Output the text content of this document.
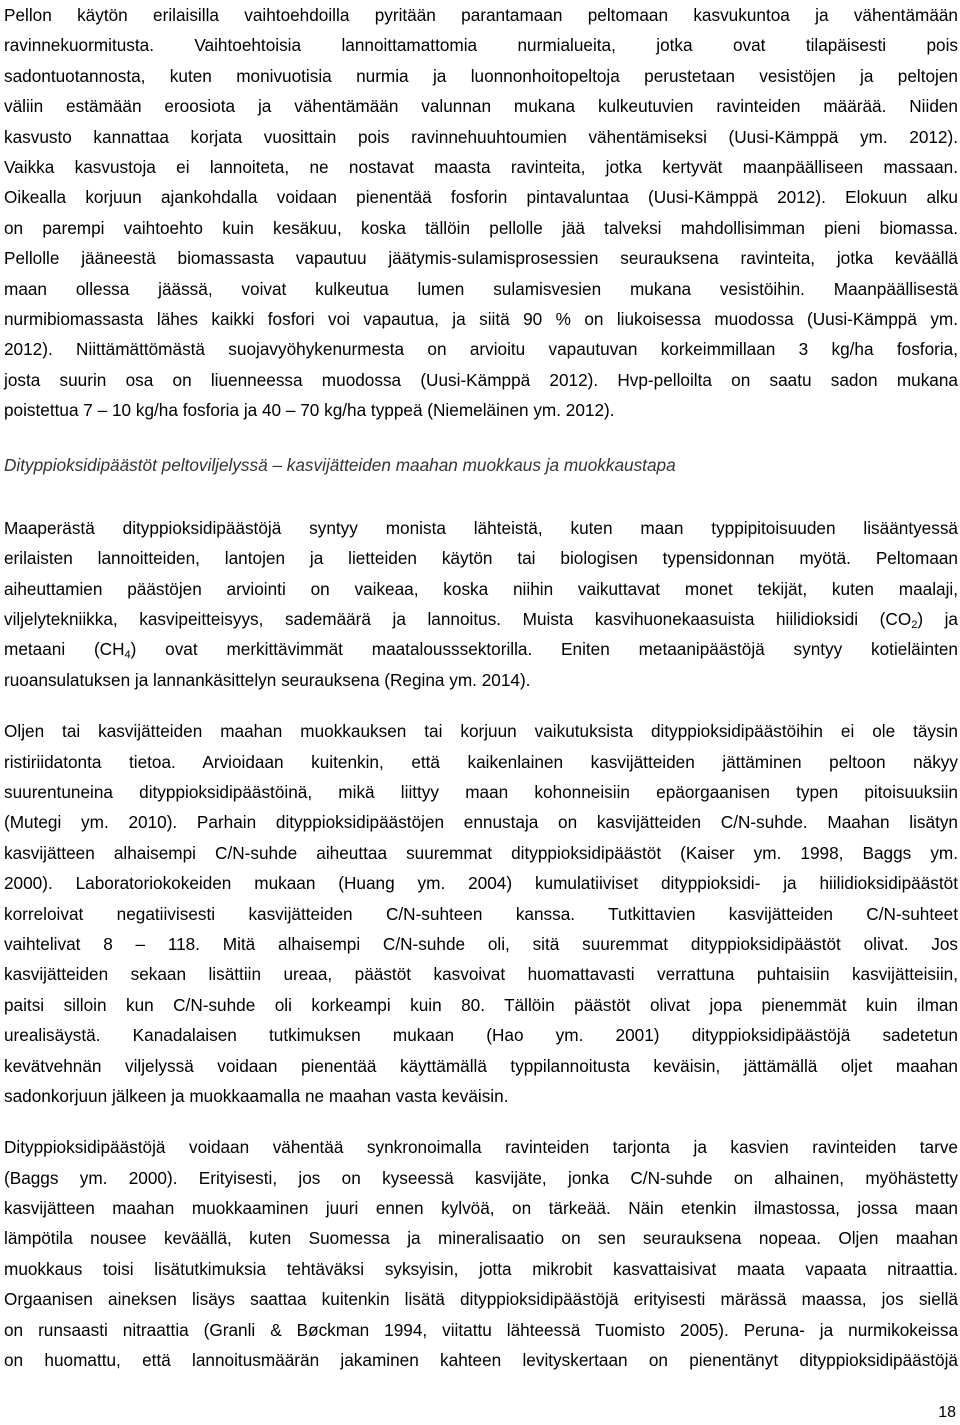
Pellon käytön erilaisilla vaihtoehdoilla pyritään parantamaan peltomaan kasvukuntoa ja vähentämään
ravinnekuormitusta. Vaihtoehtoisia lannoittamattomia nurmialueita, jotka ovat tilapäisesti pois
sadontuotannosta, kuten monivuotisia nurmia ja luonnonhoitopeltoja perustetaan vesistöjen ja peltojen
väliin estämään eroosiota ja vähentämään valunnan mukana kulkeutuvien ravinteiden määrää. Niiden
kasvusto kannattaa korjata vuosittain pois ravinnehuuhtoumien vähentämiseksi (Uusi-Kämppä ym. 2012).
Vaikka kasvustoja ei lannoiteta, ne nostavat maasta ravinteita, jotka kertyvät maanpäälliseen massaan.
Oikealla korjuun ajankohdalla voidaan pienentää fosforin pintavaluntaa (Uusi-Kämppä 2012). Elokuun alku
on parempi vaihtoehto kuin kesäkuu, koska tällöin pellolle jää talveksi mahdollisimman pieni biomassa.
Pellolle jääneestä biomassasta vapautuu jäätymis-sulamisprosessien seurauksena ravinteita, jotka keväällä
maan ollessa jäässä, voivat kulkeutua lumen sulamisvesien mukana vesistöihin. Maanpäällisestä
nurmibiomassasta lähes kaikki fosfori voi vapautua, ja siitä 90 % on liukoisessa muodossa (Uusi-Kämppä ym.
2012). Niittämättömästä suojavyöhykenurmesta on arvioitu vapautuvan korkeimmillaan 3 kg/ha fosforia,
josta suurin osa on liuenneessa muodossa (Uusi-Kämppä 2012). Hvp-pelloilta on saatu sadon mukana
poistettua 7 – 10 kg/ha fosforia ja 40 – 70 kg/ha typpeä (Niemeläinen ym. 2012).
Dityppioksidipäästöt peltoviljelyssä – kasvijätteiden maahan muokkaus ja muokkaustapa
Maaperästä dityppioksidipäästöjä syntyy monista lähteistä, kuten maan typpipitoisuuden lisääntyessä
erilaisten lannoitteiden, lantojen ja lietteiden käytön tai biologisen typensidonnan myötä. Peltomaan
aiheuttamien päästöjen arviointi on vaikeaa, koska niihin vaikuttavat monet tekijät, kuten maalaji,
viljelytekniikka, kasvipeitteisyys, sademäärä ja lannoitus. Muista kasvihuonekaasuista hiilidioksidi $(CO_2)$ ja
metaani $(CH_4)$ ovat merkittävimmät maatalousssektorilla. Eniten metaanipäästöjä syntyy kotieläinten
ruoansulatuksen ja lannankäsittelyn seurauksena (Regina ym. 2014).
Oljen tai kasvijätteiden maahan muokkauksen tai korjuun vaikutuksista dityppioksidipäästöihin ei ole täysin
ristiriidatonta tietoa. Arvioidaan kuitenkin, että kaikenlainen kasvijätteiden jättäminen peltoon näkyy
suurentuneina dityppioksidipäästöinä, mikä liittyy maan kohonneisiin epäorgaanisen typen pitoisuuksiin
(Mutegi ym. 2010). Parhain dityppioksidipäästöjen ennustaja on kasvijätteiden C/N-suhde. Maahan lisätyn
kasvijätteen alhaisempi C/N-suhde aiheuttaa suuremmat dityppioksidipäästöt (Kaiser ym. 1998, Baggs ym.
2000). Laboratoriokokeiden mukaan (Huang ym. 2004) kumulatiiviset dityppioksidi- ja hiilidioksidipäästöt
korreloivat negatiivisesti kasvijätteiden C/N-suhteen kanssa. Tutkittavien kasvijätteiden C/N-suhteet
vaihtelivat 8 – 118. Mitä alhaisempi C/N-suhde oli, sitä suuremmat dityppioksidipäästöt olivat. Jos
kasvijätteiden sekaan lisättiin ureaa, päästöt kasvoivat huomattavasti verrattuna puhtaisiin kasvijätteisiin,
paitsi silloin kun C/N-suhde oli korkeampi kuin 80. Tällöin päästöt olivat jopa pienemmät kuin ilman
urealisäystä. Kanadalaisen tutkimuksen mukaan (Hao ym. 2001) dityppioksidipäästöjä sadetetun
kevätvehnän viljelyssä voidaan pienentää käyttämällä typpilannoitusta keväisin, jättämällä oljet maahan
sadonkorjuun jälkeen ja muokkaamalla ne maahan vasta keväisin.
Dityppioksidipäästöjä voidaan vähentää synkronoimalla ravinteiden tarjonta ja kasvien ravinteiden tarve
(Baggs ym. 2000). Erityisesti, jos on kyseessä kasvijäte, jonka C/N-suhde on alhainen, myöhästetty
kasvijätteen maahan muokkaaminen juuri ennen kylvöä, on tärkeää. Näin etenkin ilmastossa, jossa maan
lämpötila nousee keväällä, kuten Suomessa ja mineralisaatio on sen seurauksena nopeaa. Oljen maahan
muokkaus toisi lisätutkimuksia tehtäväksi syksyisin, jotta mikrobit kasvattaisivat maata vapaata nitraattia.
Orgaanisen aineksen lisäys saattaa kuitenkin lisätä dityppioksidipäästöjä erityisesti märässä maassa, jos siellä
on runsaasti nitraattia (Granli & Bøckman 1994, viitattu lähteessä Tuomisto 2005). Peruna- ja nurmikokeissa
on huomattu, että lannoitusmäärän jakaminen kahteen levityskertaan on pienentänyt dityppioksidipäästöjä
18
